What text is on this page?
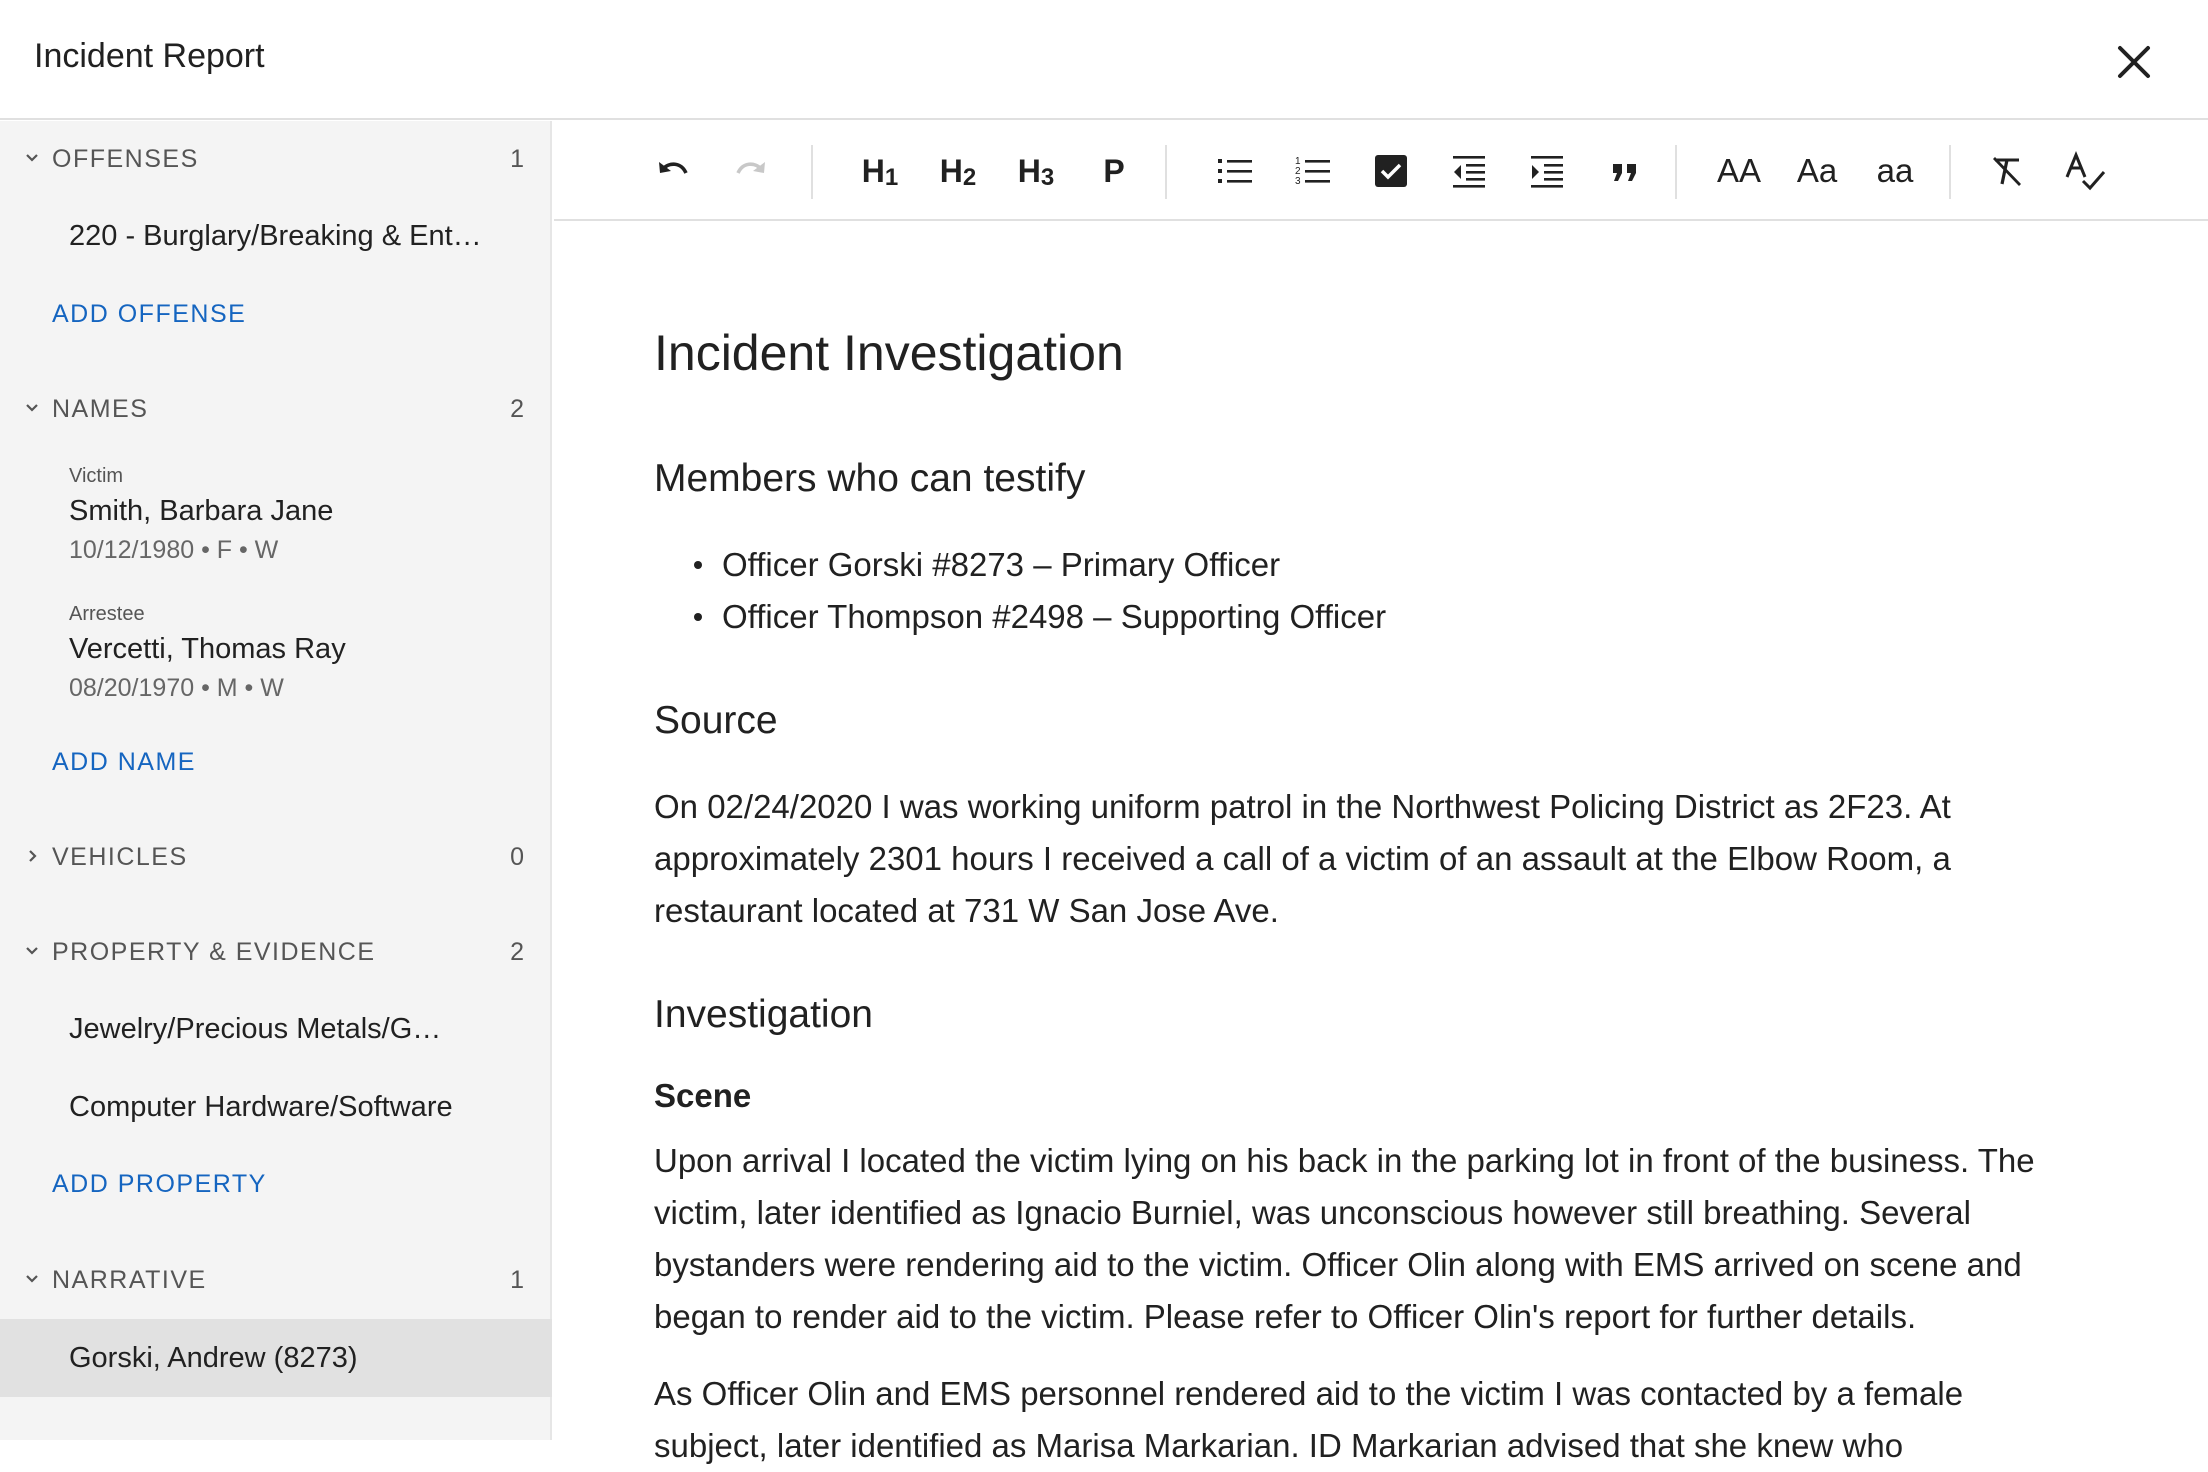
Incident Report
OFFENSES	1
220 - Burglary/Breaking & Ent…
ADD OFFENSE
NAMES	2
Victim
Smith, Barbara Jane
10/12/1980 • F • W
Arrestee
Vercetti, Thomas Ray
08/20/1970 • M • W
ADD NAME
VEHICLES	0
PROPERTY & EVIDENCE	2
Jewelry/Precious Metals/G…
Computer Hardware/Software
ADD PROPERTY
NARRATIVE	1
Gorski, Andrew (8273)
$H_1$ $H_2$ $H_3$ P	1
2
3	AA Aa aa
Incident Investigation
Members who can testify
Officer Gorski #8273 – Primary Officer
Officer Thompson #2498 – Supporting Officer
Source
On 02/24/2020 I was working uniform patrol in the Northwest Policing District as 2F23. At
approximately 2301 hours I received a call of a victim of an assault at the Elbow Room, a
restaurant located at 731 W San Jose Ave.
Investigation
Scene
Upon arrival I located the victim lying on his back in the parking lot in front of the business. The
victim, later identified as Ignacio Burniel, was unconscious however still breathing. Several
bystanders were rendering aid to the victim. Officer Olin along with EMS arrived on scene and
began to render aid to the victim. Please refer to Officer Olin's report for further details.
As Officer Olin and EMS personnel rendered aid to the victim I was contacted by a female
subject, later identified as Marisa Markarian. ID Markarian advised that she knew who
